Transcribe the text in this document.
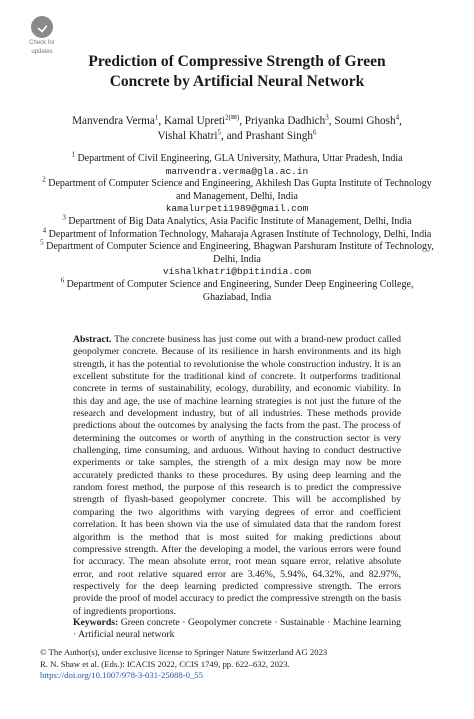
Check for
updates
Prediction of Compressive Strength of Green
Concrete by Artificial Neural Network
Manvendra Verma$^1$, Kamal Upreti$^{2(✉)}$, Priyanka Dadhich$^3$, Soumi Ghosh$^4$,
Vishal Khatri$^5$, and Prashant Singh$^6$
$^1$ Department of Civil Engineering, GLA University, Mathura, Uttar Pradesh, India
manvendra.verma@gla.ac.in
$^2$ Department of Computer Science and Engineering, Akhilesh Das Gupta Institute of Technology and Management, Delhi, India
kamalurpeti1989@gmail.com
$^3$ Department of Big Data Analytics, Asia Pacific Institute of Management, Delhi, India
$^4$ Department of Information Technology, Maharaja Agrasen Institute of Technology, Delhi, India
$^5$ Department of Computer Science and Engineering, Bhagwan Parshuram Institute of Technology, Delhi, India
vishalkhatri@bpitindia.com
$^6$ Department of Computer Science and Engineering, Sunder Deep Engineering College, Ghaziabad, India
Abstract. The concrete business has just come out with a brand-new product called geopolymer concrete. Because of its resilience in harsh environments and its high strength, it has the potential to revolutionise the whole construction industry. It is an excellent substitute for the traditional kind of concrete. It outperforms traditional concrete in terms of sustainability, ecology, durability, and economic viability. In this day and age, the use of machine learning strategies is not just the future of the research and development industry, but of all industries. These methods provide predictions about the outcomes by analysing the facts from the past. The process of determining the outcomes or worth of anything in the construction sector is very challenging, time consuming, and arduous. Without having to conduct destructive experiments or take samples, the strength of a mix design may now be more accurately predicted thanks to these procedures. By using deep learning and the random forest method, the purpose of this research is to predict the compressive strength of flyash-based geopolymer concrete. This will be accomplished by comparing the two algorithms with varying degrees of error and coefficient correlation. It has been shown via the use of simulated data that the random forest algorithm is the method that is most suited for making predictions about compressive strength. After the developing a model, the various errors were found for accuracy. The mean absolute error, root mean square error, relative absolute error, and root relative squared error are 3.46%, 5.94%, 64.32%, and 82.97%, respectively for the deep learning predicted compressive strength. The errors provide the proof of model accuracy to predict the compressive strength on the basis of ingredients proportions.
Keywords: Green concrete · Geopolymer concrete · Sustainable · Machine learning · Artificial neural network
© The Author(s), under exclusive license to Springer Nature Switzerland AG 2023
R. N. Shaw et al. (Eds.): ICACIS 2022, CCIS 1749, pp. 622–632, 2023.
https://doi.org/10.1007/978-3-031-25088-0_55
